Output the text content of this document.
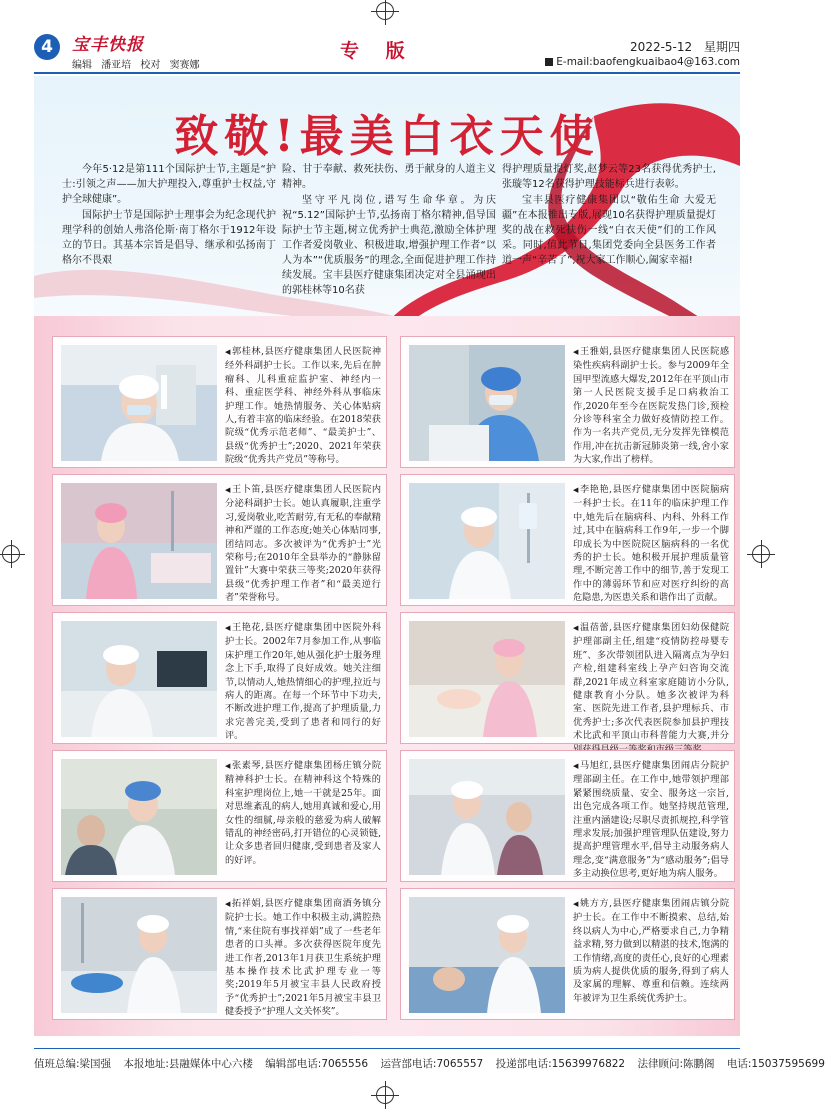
4	宝丰快报	专 版	2022-5-12 星期四
编辑 潘亚培 校对 窦赛娜	E-mail:baofengkuaibao4@163.com
致敬!最美白衣天使

今年5·12是第111个国际护士节,主题是“护士:引领之声——加大护理投入,尊重护士权益,守护全球健康”。

国际护士节是国际护士理事会为纪念现代护理学科的创始人弗洛伦斯·南丁格尔于1912年设立的节日。其基本宗旨是倡导、继承和弘扬南丁格尔不畏艰

险、甘于奉献、救死扶伤、勇于献身的人道主义精神。

坚守平凡岗位,谱写生命华章。为庆祝“5.12”国际护士节,弘扬南丁格尔精神,倡导国际护士节主题,树立优秀护士典范,激励全体护理工作者爱岗敬业、积极进取,增强护理工作者“以人为本”“优质服务”的理念,全面促进护理工作持续发展。宝丰县医疗健康集团决定对全县涌现出的郭桂林等10名获

得护理质量提灯奖,赵梦云等23名获得优秀护士,张璇等12名获得护理技能标兵进行表彰。

宝丰县医疗健康集团以“敬佑生命 大爱无疆”在本报推出专版,展现10名获得护理质量提灯奖的战在救死扶伤一线“白衣天使”们的工作风采。同时,值此节日,集团党委向全县医务工作者道一声“辛苦了”,祝大家工作顺心,阖家幸福!

◀ 郭桂林,县医疗健康集团人民医院神经外科副护士长。工作以来,先后在肿瘤科、儿科重症监护室、神经内一科、重症医学科、神经外科从事临床护理工作。她热情服务、关心体贴病人,有着丰富的临床经验。在2018荣获院级“优秀示范老师”、“最美护士”、县级“优秀护士”;2020、2021年荣获院级“优秀共产党员”等称号。
◀ 王雅娟,县医疗健康集团人民医院感染性疾病科副护士长。参与2009年全国甲型流感大爆发,2012年在平顶山市第一人民医院支援手足口病救治工作,2020年至今在医院发热门诊,预检分诊等科室全力做好疫情防控工作。作为一名共产党员,无分发挥先锋模范作用,冲在抗击新冠肺炎第一线,舍小家为大家,作出了榜样。
◀ 王卜笛,县医疗健康集团人民医院内分泌科副护士长。她认真履职,注重学习,爱岗敬业,吃苦耐劳,有无私的奉献精神和严谨的工作态度;她关心体贴同事,团结同志。多次被评为“优秀护士”光荣称号;在2010年全县举办的“静脉留置针”大赛中荣获三等奖;2020年获得县级“优秀护理工作者”和“最美逆行者”荣誉称号。
◀ 李艳艳,县医疗健康集团中医院脑病一科护士长。在11年的临床护理工作中,她先后在脑病科、内科、外科工作过,其中在脑病科工作9年,一步一个脚印成长为中医院院区脑病科的一名优秀的护士长。她积极开展护理质量管理,不断完善工作中的细节,善于发现工作中的薄弱环节和应对医疗纠纷的高危隐患,为医患关系和谐作出了贡献。
◀ 王艳花,县医疗健康集团中医院外科护士长。2002年7月参加工作,从事临床护理工作20年,她从强化护士服务理念上下手,取得了良好成效。她关注细节,以情动人,她热情细心的护理,拉近与病人的距离。在每一个环节中下功夫,不断改进护理工作,提高了护理质量,力求完善完美,受到了患者和同行的好评。
◀ 温蓓蕾,县医疗健康集团妇幼保健院护理部副主任,组建“疫情防控母婴专班”、多次带领团队进入隔离点为孕妇产检,组建科室线上孕产妇咨询交流群,2021年成立科室家庭随访小分队,健康教育小分队。她多次被评为科室、医院先进工作者,县护理标兵、市优秀护士;多次代表医院参加县护理技术比武和平顶山市科普能力大赛,并分
◀ 张素琴,县医疗健康集团杨庄镇分院精神科护士长。在精神科这个特殊的科室护理岗位上,她一干就是25年。面对思维紊乱的病人,她用真诚和爱心,用女性的细腻,母亲般的慈爱为病人破解错乱的神经密码,打开错位的心灵锁链,让众多患者回归健康,受到患者及家人的好评。
◀ 马旭红,县医疗健康集团闹店分院护理部副主任。在工作中,她带领护理部紧紧围绕质量、安全、服务这一宗旨,出色完成各项工作。她坚持规范管理,注重内涵建设;尽职尽责抓规控,科学管理求发展;加强护理管理队伍建设,努力提高护理管理水平,倡导主动服务病人理念,变“满意服务”为“感动服务”;倡导多主动换位思考,更好地为病人服务。
◀ 拓祥娟,县医疗健康集团商酒务镇分院护士长。她工作中积极主动,满腔热情,“来住院有事找祥娟”成了一些老年患者的口头禅。多次获得医院年度先进工作者,2013年1月获卫生系统护理基本操作技术比武护理专业一等奖;2019年5月被宝丰县人民政府授予“优秀护士”;2021年5月被宝丰县卫健委授予“护理人文关怀奖”。
◀ 姚方方,县医疗健康集团闹店镇分院护士长。在工作中不断摸索、总结,始终以病人为中心,严格要求自己,力争精益求精,努力做到以精湛的技术,饱满的工作情绪,高度的责任心,良好的心理素质为病人提供优质的服务,得到了病人及家属的理解、尊重和信赖。连续两年被评为卫生系统优秀护士。
值班总编:梁国强 本报地址:县融媒体中心六楼 编辑部电话:7065556 运营部电话:7065557 投递部电话:15639976822 法律顾问:陈鹏阁 电话:15037595699
